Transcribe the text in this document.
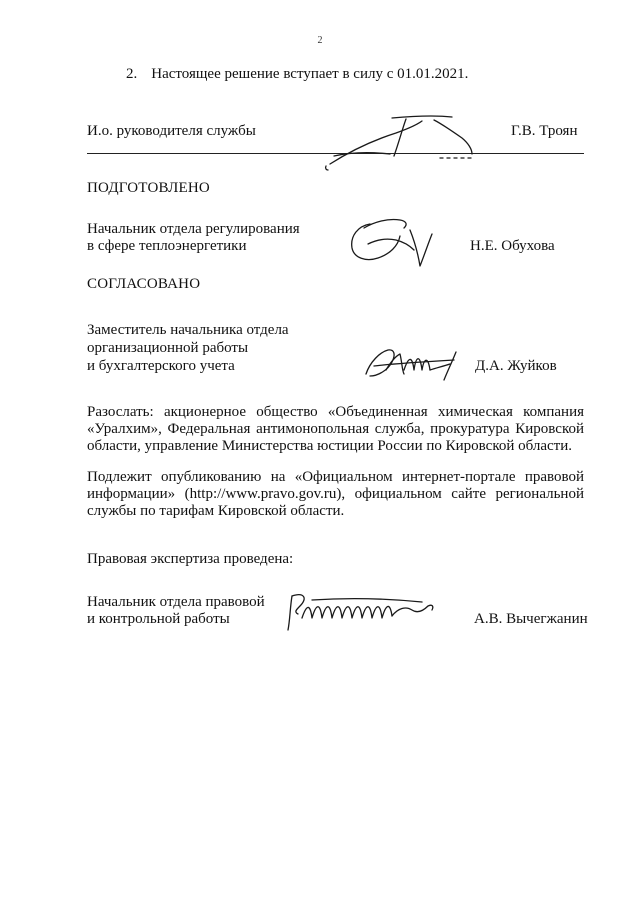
2
2. Настоящее решение вступает в силу с 01.01.2021.
И.о. руководителя службы	Г.В. Троян
ПОДГОТОВЛЕНО
Начальник отдела регулирования
в сфере теплоэнергетики	Н.Е. Обухова
СОГЛАСОВАНО
Заместитель начальника отдела
организационной работы
и бухгалтерского учета	Д.А. Жуйков
Разослать: акционерное общество «Объединенная химическая компания «Уралхим», Федеральная антимонопольная служба, прокуратура Кировской области, управление Министерства юстиции России по Кировской области.
Подлежит опубликованию на «Официальном интернет-портале правовой информации» (http://www.pravo.gov.ru), официальном сайте региональной службы по тарифам Кировской области.
Правовая экспертиза проведена:
Начальник отдела правовой
и контрольной работы	А.В. Вычегжанин
